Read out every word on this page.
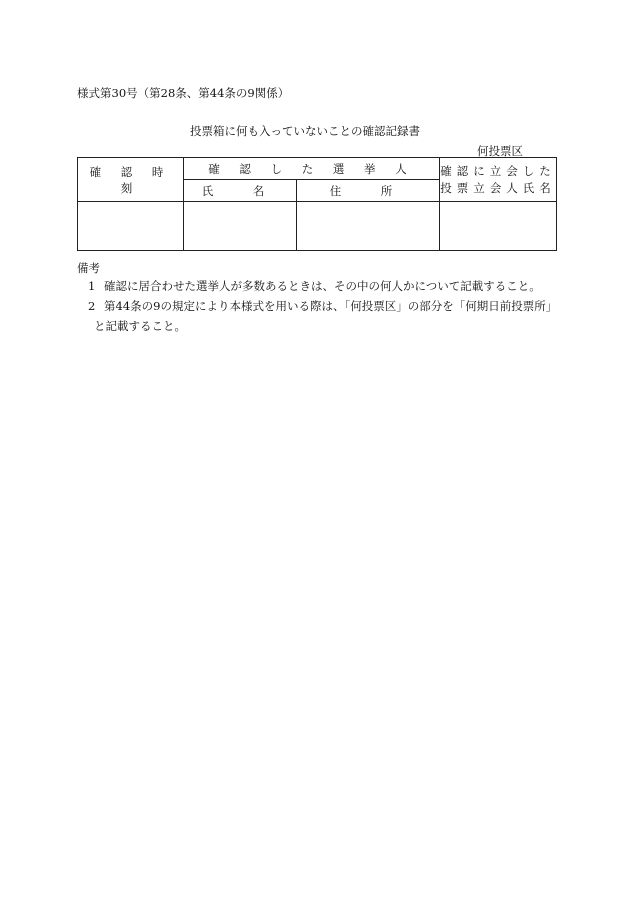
様式第30号（第28条、第44条の9関係）
投票箱に何も入っていないことの確認記録書
何投票区
確 認 時 刻	確 認 し た 選 挙 人		確認に立会した
投票立会人氏名

	氏　名	住　所	

備考
1 確認に居合わせた選挙人が多数あるときは、その中の何人かについて記載すること。
2 第44条の9の規定により本様式を用いる際は、「何投票区」の部分を「何期日前投票所」
と記載すること。
